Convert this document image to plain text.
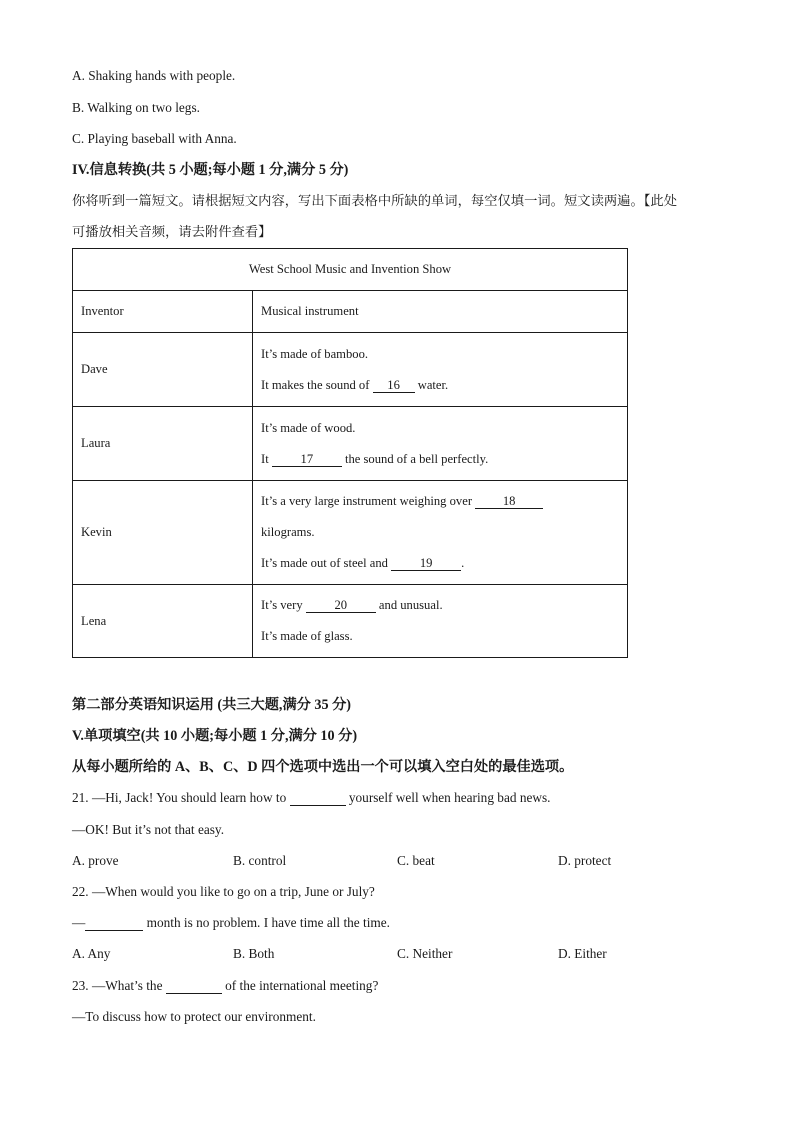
A. Shaking hands with people.
B. Walking on two legs.
C. Playing baseball with Anna.
IV.信息转换(共 5 小题;每小题 1 分,满分 5 分)
你将听到一篇短文。请根据短文内容，写出下面表格中所缺的单词，每空仅填一词。短文读两遍。【此处
可播放相关音频，请去附件查看】
West School Music and Invention Show	
Inventor	Musical instrument
Dave	It’s made of bamboo.
It makes the sound of 16 water.

Laura	It’s made of wood.
It 17 the sound of a bell perfectly.

Kevin	It’s a very large instrument weighing over 18
kilograms.
It’s made out of steel and 19 .

Lena	It’s very 20 and unusual.
It’s made of glass.
第二部分英语知识运用 (共三大题,满分 35 分)
V.单项填空(共 10 小题;每小题 1 分,满分 10 分)
从每小题所给的 A、B、C、D 四个选项中选出一个可以填入空白处的最佳选项。
21. —Hi, Jack! You should learn how to	yourself well when hearing bad news.
—OK! But it’s not that easy.
A. prove	B. control	C. beat	D. protect
22. —When would you like to go on a trip, June or July?
—	month is no problem. I have time all the time.
A. Any	B. Both	C. Neither	D. Either
23. —What’s the	of the international meeting?
—To discuss how to protect our environment.
